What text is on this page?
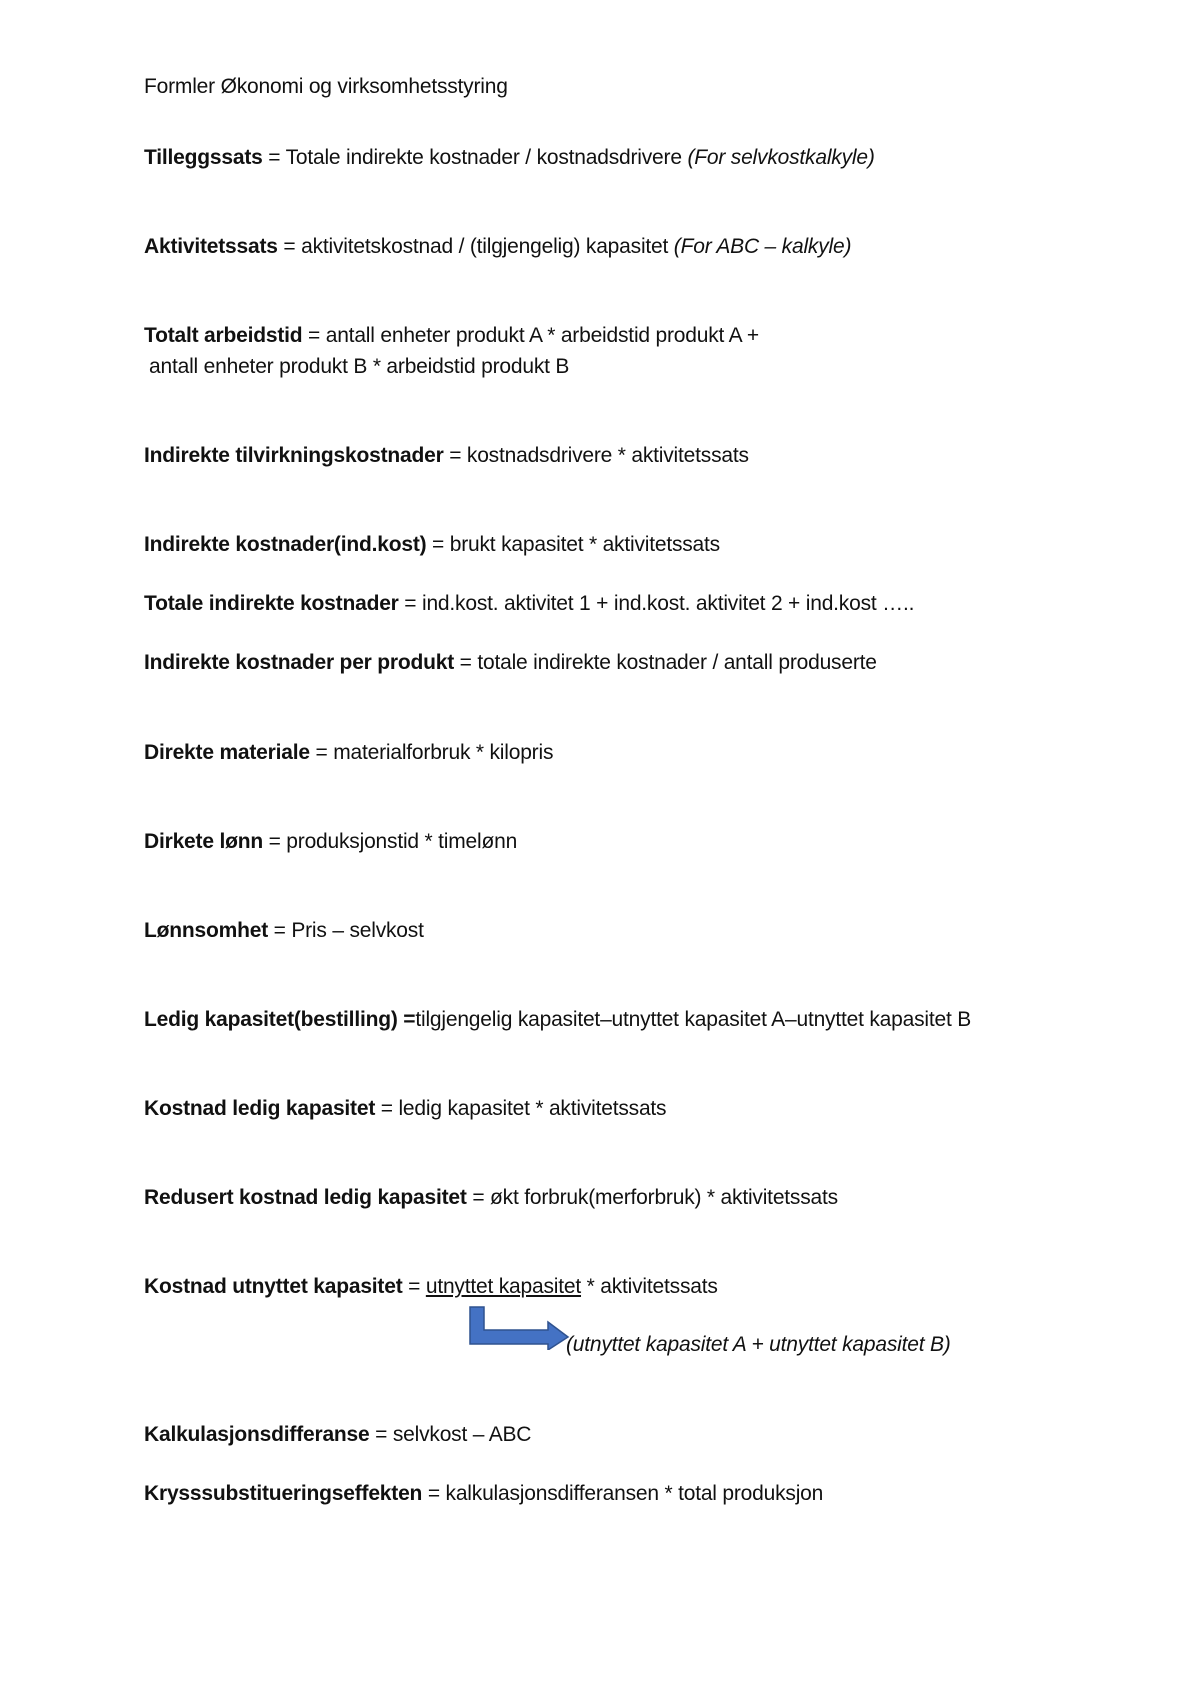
Formler Økonomi og virksomhetsstyring
Tilleggssats = Totale indirekte kostnader / kostnadsdrivere (For selvkostkalkyle)
Aktivitetssats = aktivitetskostnad / (tilgjengelig) kapasitet (For ABC – kalkyle)
Totalt arbeidstid = antall enheter produkt A * arbeidstid produkt A +
antall enheter produkt B * arbeidstid produkt B
Indirekte tilvirkningskostnader = kostnadsdrivere * aktivitetssats
Indirekte kostnader(ind.kost) = brukt kapasitet * aktivitetssats
Totale indirekte kostnader = ind.kost. aktivitet 1 + ind.kost. aktivitet 2 + ind.kost …..
Indirekte kostnader per produkt = totale indirekte kostnader / antall produserte
Direkte materiale = materialforbruk * kilopris
Dirkete lønn = produksjonstid * timelønn
Lønnsomhet = Pris – selvkost
Ledig kapasitet(bestilling) =tilgjengelig kapasitet–utnyttet kapasitet A–utnyttet kapasitet B
Kostnad ledig kapasitet = ledig kapasitet * aktivitetssats
Redusert kostnad ledig kapasitet = økt forbruk(merforbruk) * aktivitetssats
Kostnad utnyttet kapasitet = utnyttet kapasitet * aktivitetssats
(utnyttet kapasitet A + utnyttet kapasitet B)
Kalkulasjonsdifferanse = selvkost – ABC
Krysssubstitueringseffekten = kalkulasjonsdifferansen * total produksjon
